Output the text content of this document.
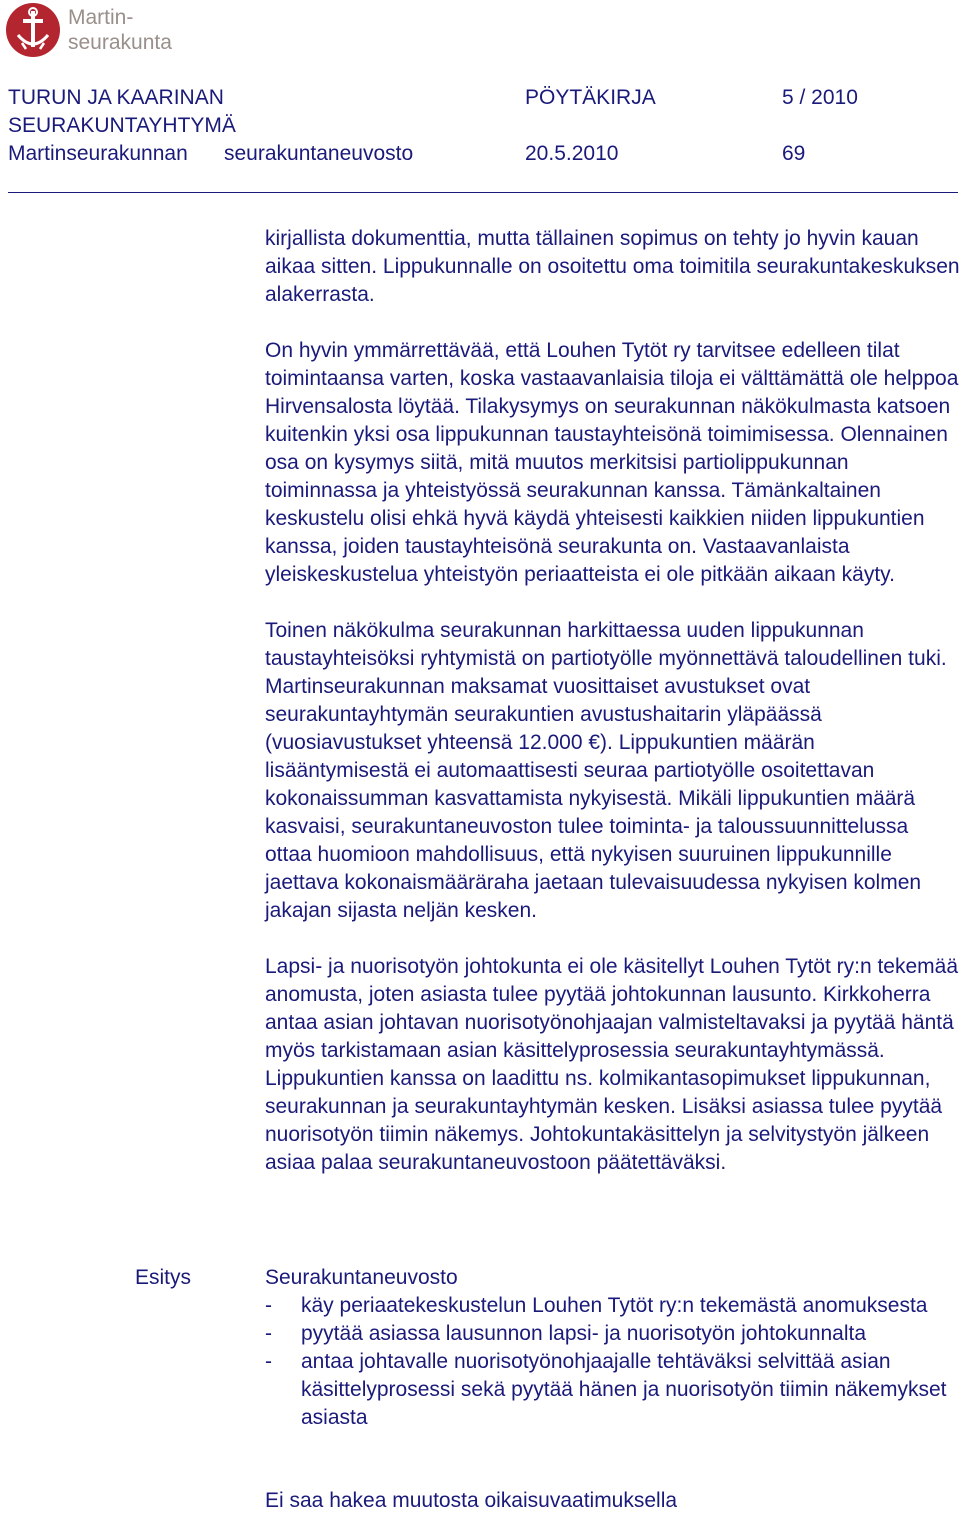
Martin-
seurakunta
TURUN JA KAARINAN	PÖYTÄKIRJA	5 / 2010
SEURAKUNTAYHTYMÄ
Martinseurakunnan seurakuntaneuvosto	20.5.2010	69

kirjallista dokumenttia, mutta tällainen sopimus on tehty jo hyvin kauan aikaa sitten. Lippukunnalle on osoitettu oma toimitila seurakuntakeskuksen alakerrasta.

On hyvin ymmärrettävää, että Louhen Tytöt ry tarvitsee edelleen tilat toimintaansa varten, koska vastaavanlaisia tiloja ei välttämättä ole helppoa Hirvensalosta löytää. Tilakysymys on seurakunnan näkökulmasta katsoen kuitenkin yksi osa lippukunnan taustayhteisönä toimimisessa. Olennainen osa on kysymys siitä, mitä muutos merkitsisi partiolippukunnan toiminnassa ja yhteistyössä seurakunnan kanssa. Tämänkaltainen keskustelu olisi ehkä hyvä käydä yhteisesti kaikkien niiden lippukuntien kanssa, joiden taustayhteisönä seurakunta on. Vastaavanlaista yleiskeskustelua yhteistyön periaatteista ei ole pitkään aikaan käyty.

Toinen näkökulma seurakunnan harkittaessa uuden lippukunnan taustayhteisöksi ryhtymistä on partiotyölle myönnettävä taloudellinen tuki. Martinseurakunnan maksamat vuosittaiset avustukset ovat seurakuntayhtymän seurakuntien avustushaitarin yläpäässä (vuosiavustukset yhteensä 12.000 €). Lippukuntien määrän lisääntymisestä ei automaattisesti seuraa partiotyölle osoitettavan kokonaissumman kasvattamista nykyisestä. Mikäli lippukuntien määrä kasvaisi, seurakuntaneuvoston tulee toiminta- ja taloussuunnittelussa ottaa huomioon mahdollisuus, että nykyisen suuruinen lippukunnille jaettava kokonaismääräraha jaetaan tulevaisuudessa nykyisen kolmen jakajan sijasta neljän kesken.

Lapsi- ja nuorisotyön johtokunta ei ole käsitellyt Louhen Tytöt ry:n tekemää anomusta, joten asiasta tulee pyytää johtokunnan lausunto. Kirkkoherra antaa asian johtavan nuorisotyönohjaajan valmisteltavaksi ja pyytää häntä myös tarkistamaan asian käsittelyprosessia seurakuntayhtymässä. Lippukuntien kanssa on laadittu ns. kolmikantasopimukset lippukunnan, seurakunnan ja seurakuntayhtymän kesken. Lisäksi asiassa tulee pyytää nuorisotyön tiimin näkemys. Johtokuntakäsittelyn ja selvitystyön jälkeen asiaa palaa seurakuntaneuvostoon päätettäväksi.

Esitys	Seurakuntaneuvosto
- käy periaatekeskustelun Louhen Tytöt ry:n tekemästä anomuksesta
- pyytää asiassa lausunnon lapsi- ja nuorisotyön johtokunnalta
- antaa johtavalle nuorisotyönohjaajalle tehtäväksi selvittää asian käsittelyprosessi sekä pyytää hänen ja nuorisotyön tiimin näkemykset asiasta
Ei saa hakea muutosta oikaisuvaatimuksella
